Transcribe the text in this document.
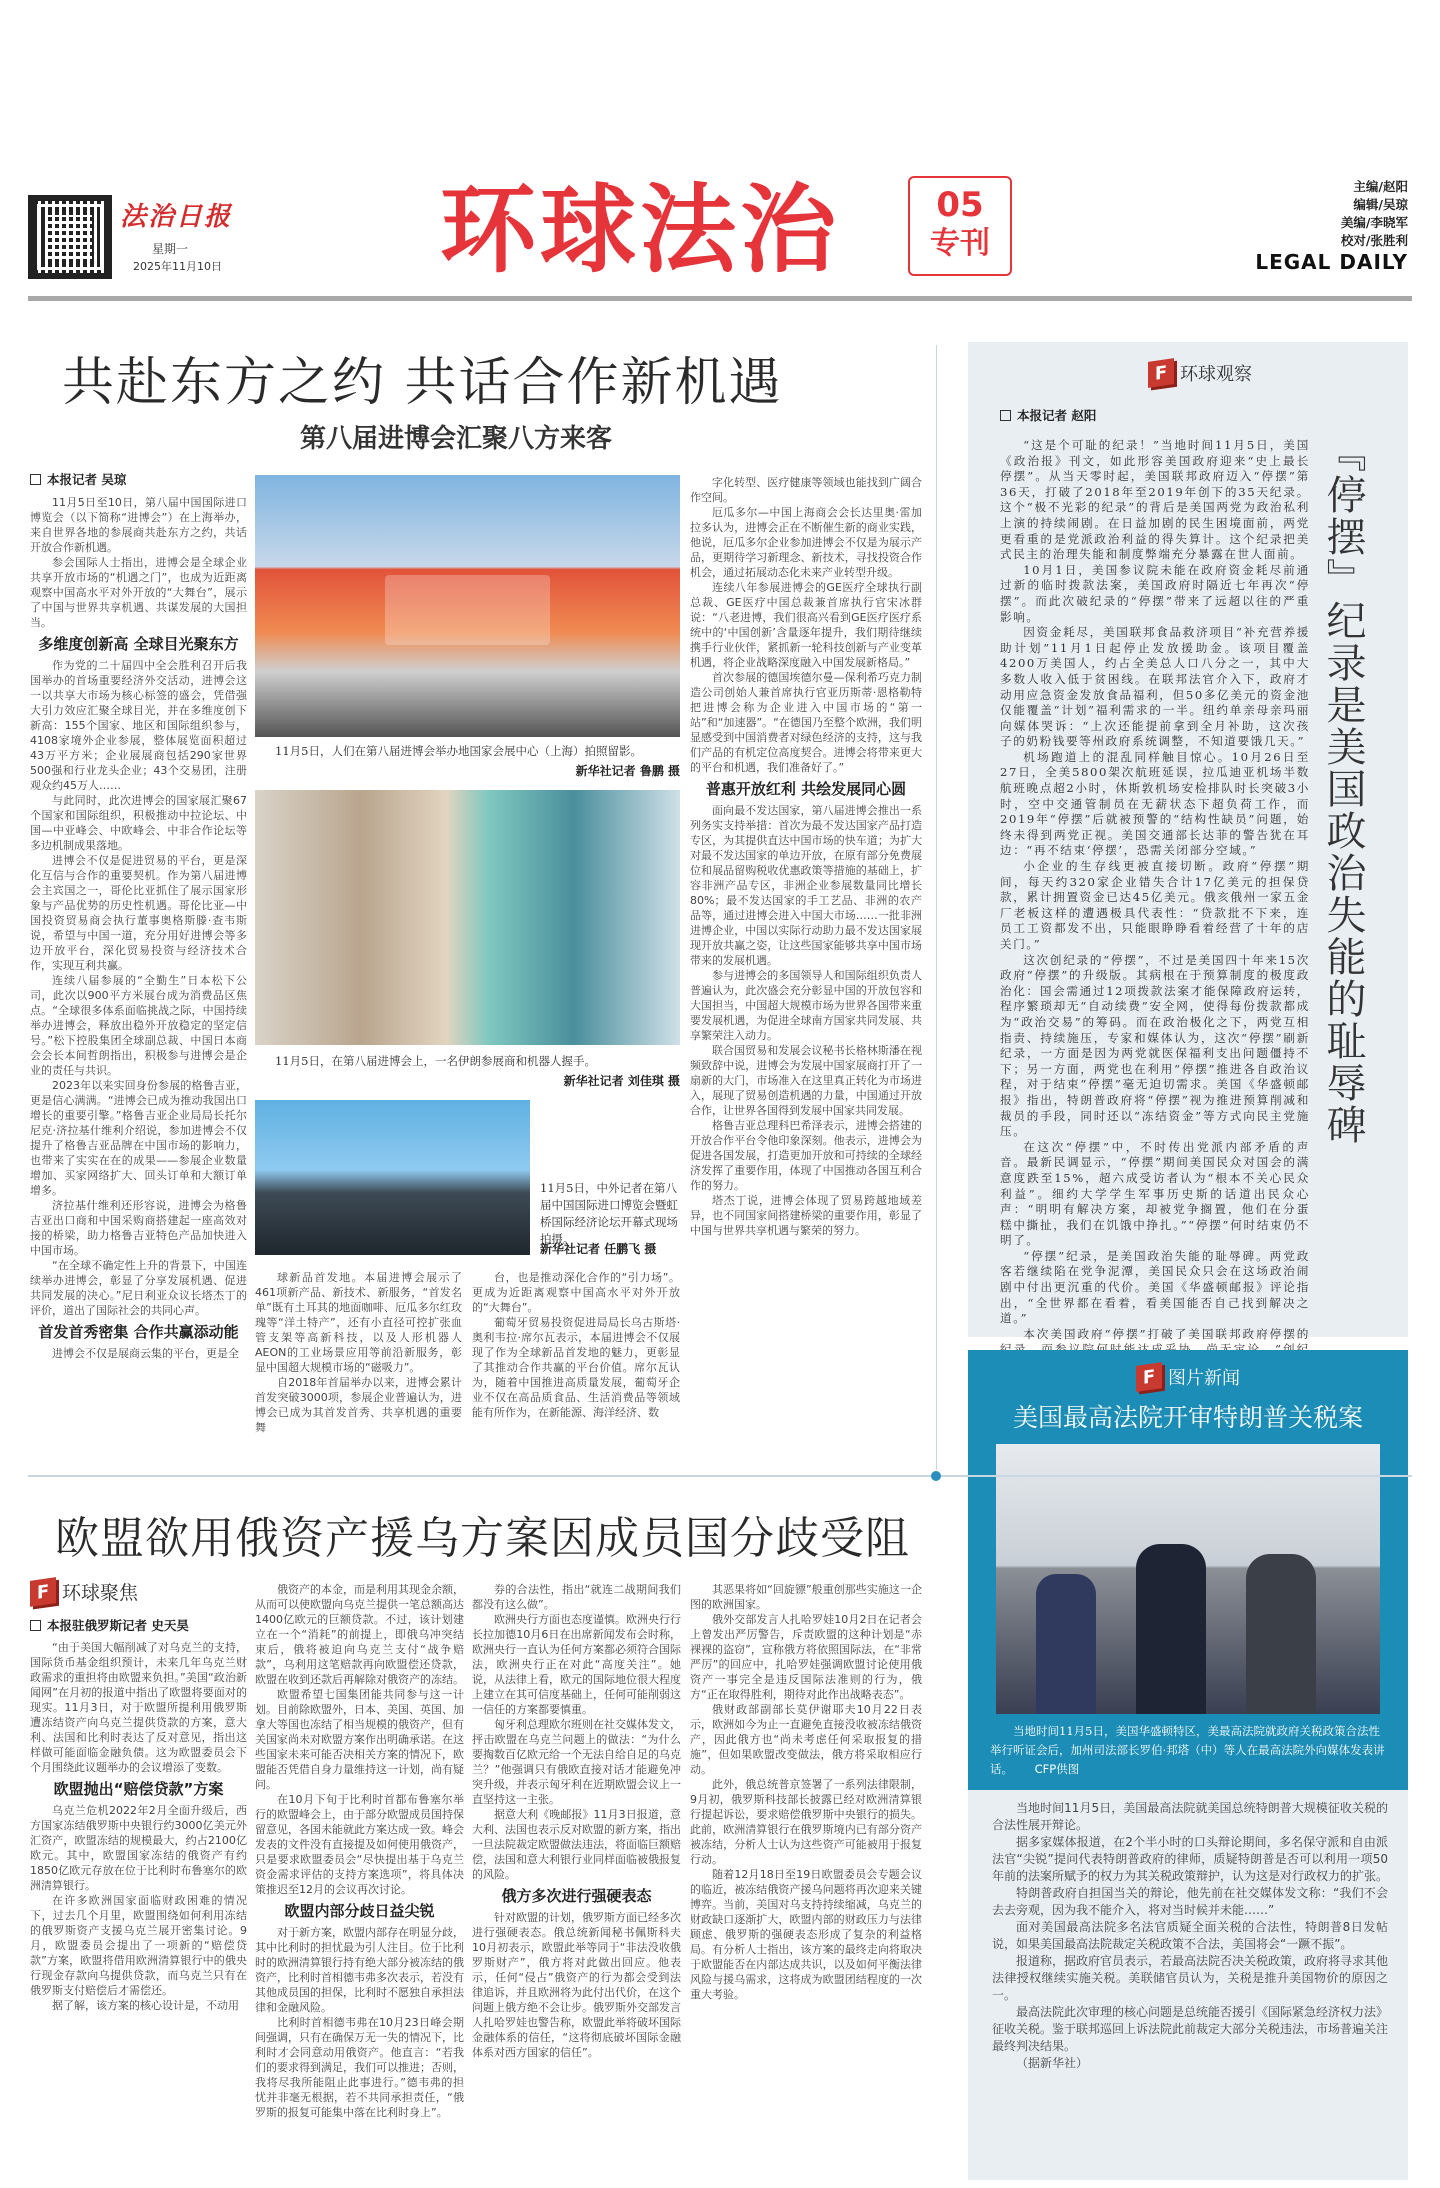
法治日报
星期一
2025年11月10日 环球法治	05
专刊
主编/赵阳
编辑/吴琼
美编/李晓军
校对/张胜利
LEGAL DAILY
共赴东方之约 共话合作新机遇
第八届进博会汇聚八方来客
本报记者 吴琼

11月5日至10日，第八届中国国际进口博览会（以下简称“进博会”）在上海举办，来自世界各地的参展商共赴东方之约，共话开放合作新机遇。

参会国际人士指出，进博会是全球企业共享开放市场的“机遇之门”，也成为近距离观察中国高水平对外开放的“大舞台”，展示了中国与世界共享机遇、共谋发展的大国担当。

多维度创新高 全球目光聚东方

作为党的二十届四中全会胜利召开后我国举办的首场重要经济外交活动，进博会这一以共享大市场为核心标签的盛会，凭借强大引力效应汇聚全球目光，并在多维度创下新高：155个国家、地区和国际组织参与，4108家境外企业参展，整体展览面积超过43万平方米；企业展展商包括290家世界500强和行业龙头企业；43个交易团，注册观众约45万人……

与此同时，此次进博会的国家展汇聚67个国家和国际组织，积极推动中拉论坛、中国—中亚峰会、中欧峰会、中非合作论坛等多边机制成果落地。

进博会不仅是促进贸易的平台，更是深化互信与合作的重要契机。作为第八届进博会主宾国之一，哥伦比亚抓住了展示国家形象与产品优势的历史性机遇。哥伦比亚—中国投资贸易商会执行董事奥格斯滕·查韦斯说，希望与中国一道，充分用好进博会等多边开放平台，深化贸易投资与经济技术合作，实现互利共赢。

连续八届参展的“全勤生”日本松下公司，此次以900平方米展台成为消费品区焦点。“全球很多体系面临挑战之际，中国持续举办进博会，释放出稳外开放稳定的坚定信号。”松下控股集团全球副总裁、中国日本商会会长本间哲朗指出，积极参与进博会是企业的责任与共识。

2023年以来实回身份参展的格鲁吉亚，更是信心满满。“进博会已成为推动我国出口增长的重要引擎。”格鲁吉亚企业局局长托尔尼克·济拉基什维利介绍说，参加进博会不仅提升了格鲁吉亚品牌在中国市场的影响力，也带来了实实在在的成果——参展企业数量增加、买家网络扩大、回头订单和大额订单增多。

济拉基什维利还形容说，进博会为格鲁吉亚出口商和中国采购商搭建起一座高效对接的桥梁，助力格鲁吉亚特色产品加快进入中国市场。

“在全球不确定性上升的背景下，中国连续举办进博会，彰显了分享发展机遇、促进共同发展的决心。”尼日利亚众议长塔杰丁的评价，道出了国际社会的共同心声。

首发首秀密集 合作共赢添动能

进博会不仅是展商云集的平台，更是全

11月5日，人们在第八届进博会举办地国家会展中心（上海）拍照留影。
新华社记者 鲁鹏 摄
11月5日，在第八届进博会上，一名伊朗参展商和机器人握手。
新华社记者 刘佳琪 摄
11月5日，中外记者在第八届中国国际进口博览会暨虹桥国际经济论坛开幕式现场拍摄。
新华社记者 任鹏飞 摄

球新品首发地。本届进博会展示了461项新产品、新技术、新服务，“首发名单”既有土耳其的地面咖啡、厄瓜多尔红玫瑰等“洋土特产”，还有小直径可控扩张血管支架等高新科技，以及人形机器人AEON的工业场景应用等前沿新服务，彰显中国超大规模市场的“磁吸力”。

自2018年首届举办以来，进博会累计首发突破3000项，参展企业普遍认为，进博会已成为其首发首秀、共享机遇的重要舞

台，也是推动深化合作的“引力场”。更成为近距离观察中国高水平对外开放的“大舞台”。

葡萄牙贸易投资促进局局长乌古斯塔·奥利韦拉·席尔瓦表示，本届进博会不仅展现了作为全球新品首发地的魅力，更彰显了其推动合作共赢的平台价值。席尔瓦认为，随着中国推进高质量发展，葡萄牙企业不仅在高品质食品、生活消费品等领域能有所作为，在新能源、海洋经济、数

字化转型、医疗健康等领域也能找到广阔合作空间。

厄瓜多尔—中国上海商会会长达里奥·雷加拉多认为，进博会正在不断催生新的商业实践，他说，厄瓜多尔企业参加进博会不仅是为展示产品，更期待学习新理念、新技术，寻找投资合作机会，通过拓展动态化未来产业转型升级。

连续八年参展进博会的GE医疗全球执行副总裁、GE医疗中国总裁兼首席执行官宋冰群说：“八老进博，我们很高兴看到GE医疗医疗系统中的‘中国创新’含量逐年提升，我们期待继续携手行业伙伴，紧抓新一轮科技创新与产业变革机遇，将企业战略深度融入中国发展新格局。”

首次参展的德国埃德尔曼—保利希巧克力制造公司创始人兼首席执行官亚历斯蒂·恩格勒特把进博会称为企业进入中国市场的“第一站”和“加速器”。“在德国乃至整个欧洲，我们明显感受到中国消费者对绿色经济的支持，这与我们产品的有机定位高度契合。进博会将带来更大的平台和机遇，我们准备好了。”

普惠开放红利 共绘发展同心圆

面向最不发达国家，第八届进博会推出一系列务实支持举措：首次为最不发达国家产品打造专区，为其提供直达中国市场的快车道；为扩大对最不发达国家的单边开放，在原有部分免费展位和展品留购税收优惠政策等措施的基础上，扩容非洲产品专区，非洲企业参展数量同比增长80%；最不发达国家的手工艺品、非洲的农产品等，通过进博会进入中国大市场……一批非洲进博企业，中国以实际行动助力最不发达国家展现开放共赢之姿，让这些国家能够共享中国市场带来的发展机遇。

参与进博会的多国领导人和国际组织负责人普遍认为，此次盛会充分彰显中国的开放包容和大国担当，中国超大规模市场为世界各国带来重要发展机遇，为促进全球南方国家共同发展、共享繁荣注入动力。

联合国贸易和发展会议秘书长格林斯潘在视频致辞中说，进博会为发展中国家展商打开了一扇新的大门，市场准入在这里真正转化为市场进入，展现了贸易创造机遇的力量，中国通过开放合作，让世界各国得到发展中国家共同发展。

格鲁吉亚总理科巴希泽表示，进博会搭建的开放合作平台令他印象深刻。他表示，进博会为促进各国发展，打造更加开放和可持续的全球经济发挥了重要作用，体现了中国推动各国互利合作的努力。

塔杰丁说，进博会体现了贸易跨越地域差异，也不同国家间搭建桥梁的重要作用，彰显了中国与世界共享机遇与繁荣的努力。

F 环球观察
本报记者 赵阳

“这是个可耻的纪录！”当地时间11月5日，美国《政治报》刊文，如此形容美国政府迎来“史上最长停摆”。从当天零时起，美国联邦政府迈入“停摆”第36天，打破了2018年至2019年创下的35天纪录。这个“极不光彩的纪录”的背后是美国两党为政治私利上演的持续闹剧。在日益加剧的民生困境面前，两党更看重的是党派政治利益的得失算计。这个纪录把美式民主的治理失能和制度弊端充分暴露在世人面前。

10月1日，美国参议院未能在政府资金耗尽前通过新的临时拨款法案，美国政府时隔近七年再次“停摆”。而此次破纪录的“停摆”带来了远超以往的严重影响。

因资金耗尽，美国联邦食品救济项目“补充营养援助计划”11月1日起停止发放援助金。该项目覆盖4200万美国人，约占全美总人口八分之一，其中大多数人收入低于贫困线。在联邦法官介入下，政府才动用应急资金发放食品福利，但50多亿美元的资金池仅能覆盖“计划”福利需求的一半。纽约单亲母亲玛丽向媒体哭诉：“上次还能提前拿到全月补助，这次孩子的奶粉钱要等州政府系统调整，不知道要饿几天。”

机场跑道上的混乱同样触目惊心。10月26日至27日，全美5800架次航班延误，拉瓜迪亚机场半数航班晚点超2小时，休斯敦机场安检排队时长突破3小时，空中交通管制员在无薪状态下超负荷工作，而2019年“停摆”后就被预警的“结构性缺员”问题，始终未得到两党正视。美国交通部长达菲的警告犹在耳边：“再不结束‘停摆’，恐需关闭部分空域。”

小企业的生存线更被直接切断。政府“停摆”期间，每天约320家企业错失合计17亿美元的担保贷款，累计拥置资金已达45亿美元。俄亥俄州一家五金厂老板这样的遭遇极具代表性：“贷款批不下来，连员工工资都发不出，只能眼睁睁看着经营了十年的店关门。”

这次创纪录的“停摆”，不过是美国四十年来15次政府“停摆”的升级版。其病根在于预算制度的极度政治化：国会需通过12项拨款法案才能保障政府运转，程序繁琐却无“自动续费”安全网，使得每份拨款都成为“政治交易”的筹码。而在政治极化之下，两党互相指责、持续施压，专家和媒体认为，这次“停摆”刷新纪录，一方面是因为两党就医保福利支出问题僵持不下；另一方面，两党也在利用“停摆”推进各自政治议程，对于结束“停摆”毫无迫切需求。美国《华盛顿邮报》指出，特朗普政府将“停摆”视为推进预算削减和裁员的手段，同时还以“冻结资金”等方式向民主党施压。

在这次“停摆”中，不时传出党派内部矛盾的声音。最新民调显示，“停摆”期间美国民众对国会的满意度跌至15%，超六成受访者认为“根本不关心民众利益”。细约大学学生军事历史斯的话道出民众心声：“明明有解决方案，却被党争搁置，他们在分蛋糕中撕扯，我们在饥饿中挣扎。”“停摆”何时结束仍不明了。

“停摆”纪录，是美国政治失能的耻辱碑。两党政客若继续陷在党争泥潭，美国民众只会在这场政治闹剧中付出更沉重的代价。美国《华盛顿邮报》评论指出，“全世界都在看着，看美国能否自己找到解决之道。”

本次美国政府“停摆”打破了美国联邦政府停摆的

『停摆』纪录是美国政治失能的耻辱碑
F 图片新闻
美国最高法院开审特朗普关税案
当地时间11月5日，美国华盛顿特区，美最高法院就政府关税政策合法性举行听证会后，加州司法部长罗伯·邦塔（中）等人在最高法院外向媒体发表讲话。 CFP供图

当地时间11月5日，美国最高法院就美国总统特朗普大规模征收关税的合法性展开辩论。

据多家媒体报道，在2个半小时的口头辩论期间，多名保守派和自由派法官“尖锐”提问代表特朗普政府的律师，质疑特朗普是否可以利用一项50年前的法案所赋予的权力为其关税政策辩护，认为这是对行政权力的扩张。

特朗普政府自担国当关的辩论，他先前在社交媒体发文称：“我们不会去去旁观，因为我不能介入，将对当时候并未能……”

面对美国最高法院多名法官质疑全面关税的合法性，特朗普8日发帖说，如果美国最高法院裁定关税政策不合法，美国将会“一蹶不振”。

报道称，据政府官员表示，若最高法院否决关税政策，政府将寻求其他法律授权继续实施关税。美联储官员认为，关税是推升美国物价的原因之一。

最高法院此次审理的核心问题是总统能否援引《国际紧急经济权力法》征收关税。鉴于联邦巡回上诉法院此前裁定大部分关税违法，市场普遍关注最终判决结果。

（据新华社）

欧盟欲用俄资产援乌方案因成员国分歧受阻
F 环球聚焦
本报驻俄罗斯记者 史天昊

“由于美国大幅削减了对乌克兰的支持，国际货币基金组织预计，未来几年乌克兰财政需求的重担将由欧盟来负担。”美国“政治新闻网”在月初的报道中指出了欧盟将要面对的现实。11月3日，对于欧盟所提利用俄罗斯遭冻结资产向乌克兰提供贷款的方案，意大利、法国和比利时表达了反对意见，指出这样做可能面临金融负债。这为欧盟委员会下个月围绕此议题举办的会议增添了变数。

欧盟抛出“赔偿贷款”方案

乌克兰危机2022年2月全面升级后，西方国家冻结俄罗斯中央银行约3000亿美元外汇资产，欧盟冻结的规模最大，约占2100亿欧元。其中，欧盟国家冻结的俄资产有约1850亿欧元存放在位于比利时布鲁塞尔的欧洲清算银行。

在许多欧洲国家面临财政困难的情况下，过去几个月里，欧盟围绕如何利用冻结的俄罗斯资产支援乌克兰展开密集讨论。9月，欧盟委员会提出了一项新的“赔偿贷款”方案，欧盟将借用欧洲清算银行中的俄央行现金存款向乌提供贷款，而乌克兰只有在俄罗斯支付赔偿后才需偿还。

据了解，该方案的核心设计是，不动用

俄资产的本金，而是利用其现金余额，从而可以使欧盟向乌克兰提供一笔总额高达1400亿欧元的巨额贷款。不过，该计划建立在一个“消耗”的前提上，即俄乌冲突结束后，俄将被迫向乌克兰支付“战争赔款”，乌利用这笔赔款再向欧盟偿还贷款，欧盟在收到还款后再解除对俄资产的冻结。

欧盟希望七国集团能共同参与这一计划。目前除欧盟外，日本、美国、英国、加拿大等国也冻结了相当规模的俄资产，但有关国家尚未对欧盟方案作出明确承诺。在这些国家未来可能否决相关方案的情况下，欧盟能否凭借自身力量维持这一计划，尚有疑问。

在10月下旬于比利时首都布鲁塞尔举行的欧盟峰会上，由于部分欧盟成员国持保留意见，各国未能就此方案达成一致。峰会发表的文件没有直接提及如何使用俄资产，只是要求欧盟委员会“尽快提出基于乌克兰资金需求评估的支持方案选项”，将具体决策推迟至12月的会议再次讨论。

欧盟内部分歧日益尖锐

对于新方案，欧盟内部存在明显分歧，其中比利时的担忧最为引人注目。位于比利时的欧洲清算银行持有绝大部分被冻结的俄资产，比利时首相德韦弗多次表示，若没有其他成员国的担保，比利时不愿独自承担法律和金融风险。

比利时首相德韦弗在10月23日峰会期间强调，只有在确保万无一失的情况下，比利时才会同意动用俄资产。他直言：“若我们的要求得到满足，我们可以推进；否则，我将尽我所能阻止此事进行。”德韦弗的担忧并非毫无根据，若不共同承担责任，“俄罗斯的报复可能集中落在比利时身上”。

券的合法性，指出“就连二战期间我们都没有这么做”。

欧洲央行方面也态度谨慎。欧洲央行行长拉加德10月6日在出席新闻发布会时称，欧洲央行一直认为任何方案都必须符合国际法，欧洲央行正在对此“高度关注”。她说，从法律上看，欧元的国际地位很大程度上建立在其可信度基础上，任何可能削弱这一信任的方案都要慎重。

匈牙利总理欧尔班则在社交媒体发文，抨击欧盟在乌克兰问题上的做法：“为什么要掏数百亿欧元给一个无法自给自足的乌克兰？”他强调只有俄欧直接对话才能避免冲突升级，并表示匈牙利在近期欧盟会议上一直坚持这一主张。

据意大利《晚邮报》11月3日报道，意大利、法国也表示反对欧盟的新方案，指出一旦法院裁定欧盟做法违法，将面临巨额赔偿，法国和意大利银行业同样面临被俄报复的风险。

俄方多次进行强硬表态

针对欧盟的计划，俄罗斯方面已经多次进行强硬表态。俄总统新闻秘书佩斯科夫10月初表示，欧盟此举等同于“非法没收俄罗斯财产”，俄方将对此做出回应。他表示，任何“侵占”俄资产的行为都会受到法律追诉，并且欧洲将为此付出代价，在这个问题上俄方绝不会让步。俄罗斯外交部发言人扎哈罗娃也警告称，欧盟此举将破坏国际金融体系的信任，“这将彻底破坏国际金融体系对西方国家的信任”。

其恶果将如“回旋镖”般重创那些实施这一企图的欧洲国家。

俄外交部发言人扎哈罗娃10月2日在记者会上曾发出严厉警告，斥责欧盟的这种计划是“赤裸裸的盗窃”，宣称俄方将依照国际法，在“非常严厉”的回应中，扎哈罗娃强调欧盟讨论使用俄资产一事完全是违反国际法准则的行为，俄方“正在取得胜利，期待对此作出战略表态”。

俄财政部副部长莫伊谢耶夫10月22日表示，欧洲如今为止一直避免直接没收被冻结俄资产，因此俄方也“尚未考虑任何采取报复的措施”，但如果欧盟改变做法，俄方将采取相应行动。

此外，俄总统普京签署了一系列法律限制，9月初，俄罗斯科技部长披露已经对欧洲清算银行提起诉讼，要求赔偿俄罗斯中央银行的损失。此前，欧洲清算银行在俄罗斯境内已有部分资产被冻结，分析人士认为这些资产可能被用于报复行动。

随着12月18日至19日欧盟委员会专题会议的临近，被冻结俄资产援乌问题将再次迎来关键博弈。当前，美国对乌支持持续缩减，乌克兰的财政缺口逐渐扩大，欧盟内部的财政压力与法律顾虑、俄罗斯的强硬表态形成了复杂的利益格局。有分析人士指出，该方案的最终走向将取决于欧盟能否在内部达成共识，以及如何平衡法律风险与援乌需求，这将成为欧盟团结程度的一次重大考验。
